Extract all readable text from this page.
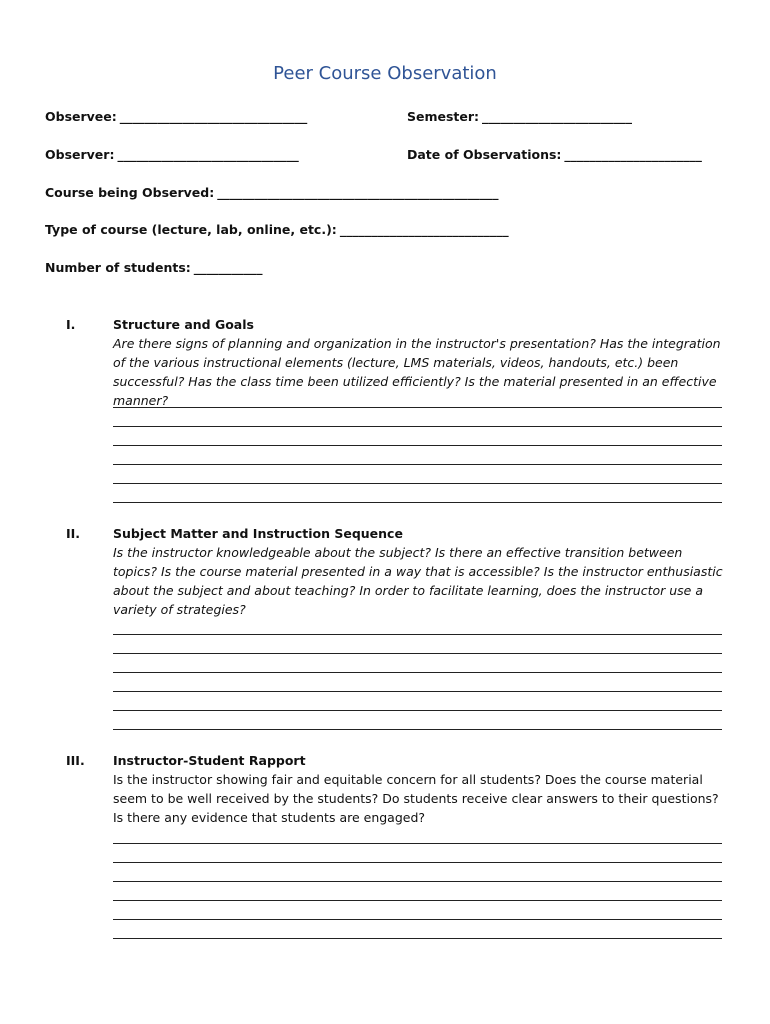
Peer Course Observation
Observee: ______________________________	Semester: ________________________
Observer: _____________________________	Date of Observations: ______________________
Course being Observed: _____________________________________________
Type of course (lecture, lab, online, etc.): ___________________________
Number of students: ___________
I.	Structure and Goals
Are there signs of planning and organization in the instructor's presentation? Has the integration of the various instructional elements (lecture, LMS materials, videos, handouts, etc.) been successful? Has the class time been utilized efficiently? Is the material presented in an effective manner?
II.	Subject Matter and Instruction Sequence
Is the instructor knowledgeable about the subject? Is there an effective transition between topics? Is the course material presented in a way that is accessible? Is the instructor enthusiastic about the subject and about teaching? In order to facilitate learning, does the instructor use a variety of strategies?
III. Instructor-Student Rapport
Is the instructor showing fair and equitable concern for all students? Does the course material seem to be well received by the students? Do students receive clear answers to their questions? Is there any evidence that students are engaged?
